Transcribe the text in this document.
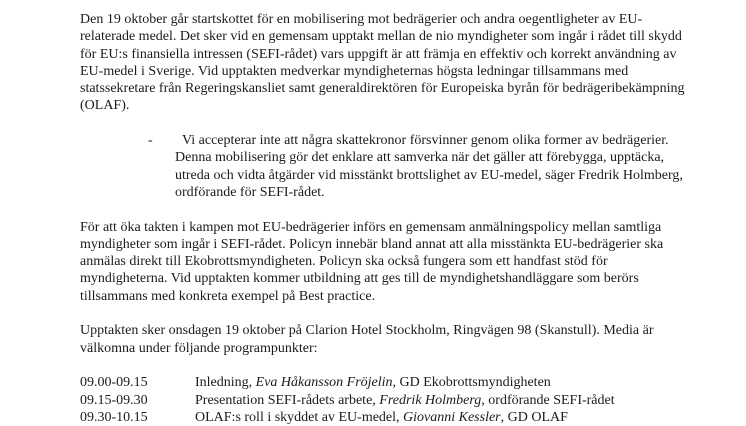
Den 19 oktober går startskottet för en mobilisering mot bedrägerier och andra oegentligheter av EU-relaterade medel. Det sker vid en gemensam upptakt mellan de nio myndigheter som ingår i rådet till skydd för EU:s finansiella intressen (SEFI-rådet) vars uppgift är att främja en effektiv och korrekt användning av EU-medel i Sverige. Vid upptakten medverkar myndigheternas högsta ledningar tillsammans med statssekretare från Regeringskansliet samt generaldirektören för Europeiska byrån för bedrägeribekämpning (OLAF).

-	Vi accepterar inte att några skattekronor försvinner genom olika former av bedrägerier. Denna mobilisering gör det enklare att samverka när det gäller att förebygga, upptäcka, utreda och vidta åtgärder vid misstänkt brottslighet av EU-medel, säger Fredrik Holmberg, ordförande för SEFI-rådet.

För att öka takten i kampen mot EU-bedrägerier införs en gemensam anmälningspolicy mellan samtliga myndigheter som ingår i SEFI-rådet. Policyn innebär bland annat att alla misstänkta EU-bedrägerier ska anmälas direkt till Ekobrottsmyndigheten. Policyn ska också fungera som ett handfast stöd för myndigheterna. Vid upptakten kommer utbildning att ges till de myndighetshandläggare som berörs tillsammans med konkreta exempel på Best practice.

Upptakten sker onsdagen 19 oktober på Clarion Hotel Stockholm, Ringvägen 98 (Skanstull). Media är välkomna under följande programpunkter:

09.00-09.15	Inledning, Eva Håkansson Fröjelin, GD Ekobrottsmyndigheten
09.15-09.30	Presentation SEFI-rådets arbete, Fredrik Holmberg, ordförande SEFI-rådet
09.30-10.15	OLAF:s roll i skyddet av EU-medel, Giovanni Kessler, GD OLAF
